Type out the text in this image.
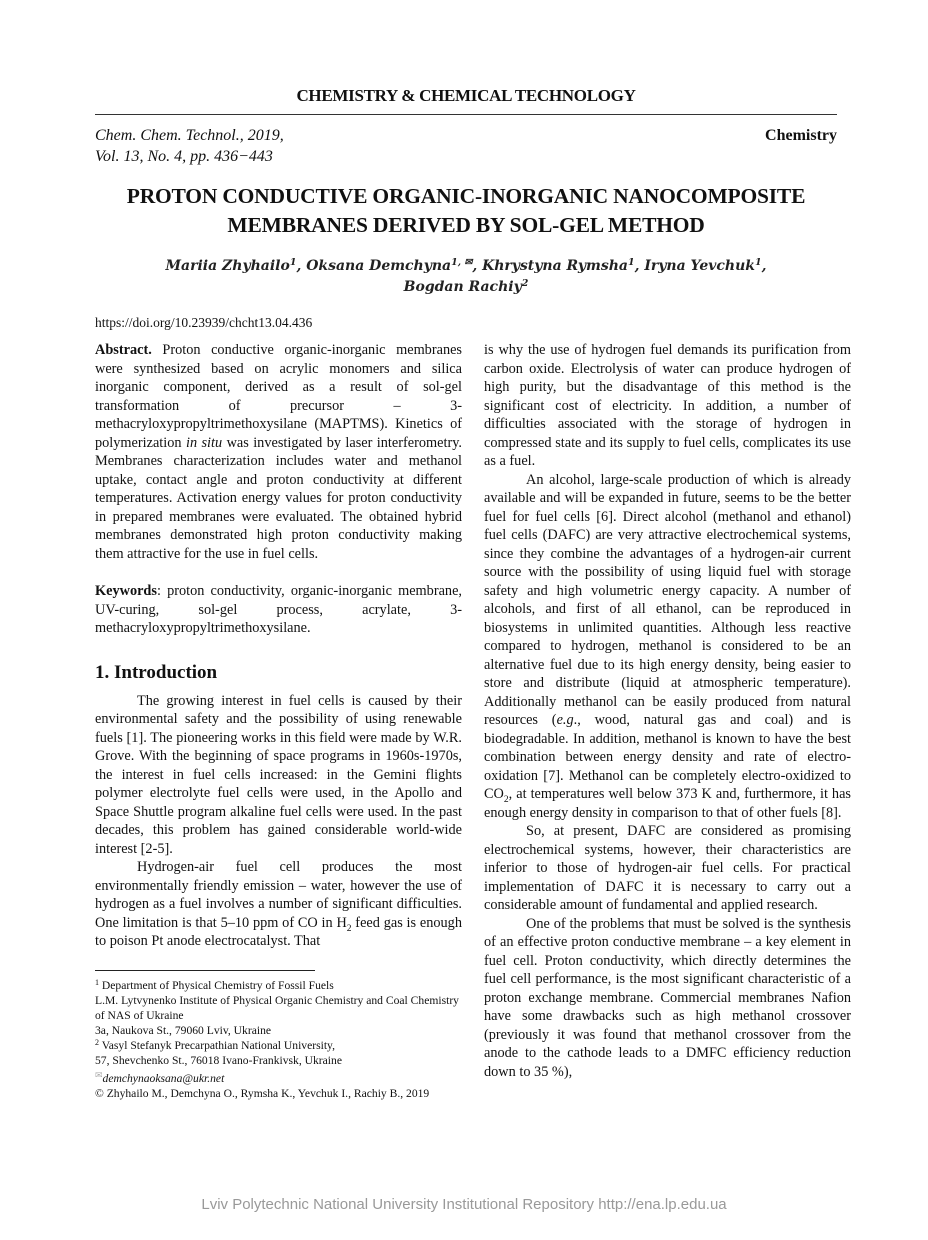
CHEMISTRY & CHEMICAL TECHNOLOGY
Chem. Chem. Technol., 2019,
Vol. 13, No. 4, pp. 436−443
Chemistry
PROTON CONDUCTIVE ORGANIC-INORGANIC NANOCOMPOSITE
MEMBRANES DERIVED BY SOL-GEL METHOD
Mariia Zhyhailo$^1$, Oksana Demchyna$^{1, ✉}$, Khrystyna Rymsha$^1$, Iryna Yevchuk$^1$,
Bogdan Rachiy$^2$
https://doi.org/10.23939/chcht13.04.436

Abstract. Proton conductive organic-inorganic membranes were synthesized based on acrylic monomers and silica inorganic component, derived as a result of sol-gel transformation of precursor – 3-methacryloxypropyltrimethoxysilane (MAPTMS). Kinetics of polymerization in situ was investigated by laser interferometry. Membranes characterization includes water and methanol uptake, contact angle and proton conductivity at different temperatures. Activation energy values for proton conductivity in prepared membranes were evaluated. The obtained hybrid membranes demonstrated high proton conductivity making them attractive for the use in fuel cells.

Keywords: proton conductivity, organic-inorganic membrane, UV-curing, sol-gel process, acrylate, 3-methacryloxypropyltrimethoxysilane.

1. Introduction

The growing interest in fuel cells is caused by their environmental safety and the possibility of using renewable fuels [1]. The pioneering works in this field were made by W.R. Grove. With the beginning of space programs in 1960s-1970s, the interest in fuel cells increased: in the Gemini flights polymer electrolyte fuel cells were used, in the Apollo and Space Shuttle program alkaline fuel cells were used. In the past decades, this problem has gained considerable world-wide interest [2-5].

Hydrogen-air fuel cell produces the most environmentally friendly emission – water, however the use of hydrogen as a fuel involves a number of significant difficulties. One limitation is that 5–10 ppm of CO in $H_2$ feed gas is enough to poison Pt anode electrocatalyst. That

$^1$ Department of Physical Chemistry of Fossil Fuels
L.M. Lytvynenko Institute of Physical Organic Chemistry and Coal Chemistry of NAS of Ukraine
3a, Naukova St., 79060 Lviv, Ukraine
$^2$ Vasyl Stefanyk Precarpathian National University,
57, Shevchenko St., 76018 Ivano-Frankivsk, Ukraine
✉demchynaoksana@ukr.net
© Zhyhailo M., Demchyna O., Rymsha K., Yevchuk I., Rachiy B., 2019

is why the use of hydrogen fuel demands its purification from carbon oxide. Electrolysis of water can produce hydrogen of high purity, but the disadvantage of this method is the significant cost of electricity. In addition, a number of difficulties associated with the storage of hydrogen in compressed state and its supply to fuel cells, complicates its use as a fuel.

An alcohol, large-scale production of which is already available and will be expanded in future, seems to be the better fuel for fuel cells [6]. Direct alcohol (methanol and ethanol) fuel cells (DAFC) are very attractive electrochemical systems, since they combine the advantages of a hydrogen-air current source with the possibility of using liquid fuel with storage safety and high volumetric energy capacity. A number of alcohols, and first of all ethanol, can be reproduced in biosystems in unlimited quantities. Although less reactive compared to hydrogen, methanol is considered to be an alternative fuel due to its high energy density, being easier to store and distribute (liquid at atmospheric temperature). Additionally methanol can be easily produced from natural resources (e.g., wood, natural gas and coal) and is biodegradable. In addition, methanol is known to have the best combination between energy density and rate of electro-oxidation [7]. Methanol can be completely electro-oxidized to $CO_2$, at temperatures well below 373 K and, furthermore, it has enough energy density in comparison to that of other fuels [8].

So, at present, DAFC are considered as promising electrochemical systems, however, their characteristics are inferior to those of hydrogen-air fuel cells. For practical implementation of DAFC it is necessary to carry out a considerable amount of fundamental and applied research.

One of the problems that must be solved is the synthesis of an effective proton conductive membrane – a key element in fuel cell. Proton conductivity, which directly determines the fuel cell performance, is the most significant characteristic of a proton exchange membrane. Commercial membranes Nafion have some drawbacks such as high methanol crossover (previously it was found that methanol crossover from the anode to the cathode leads to a DMFC efficiency reduction down to 35 %),

Lviv Polytechnic National University Institutional Repository http://ena.lp.edu.ua
